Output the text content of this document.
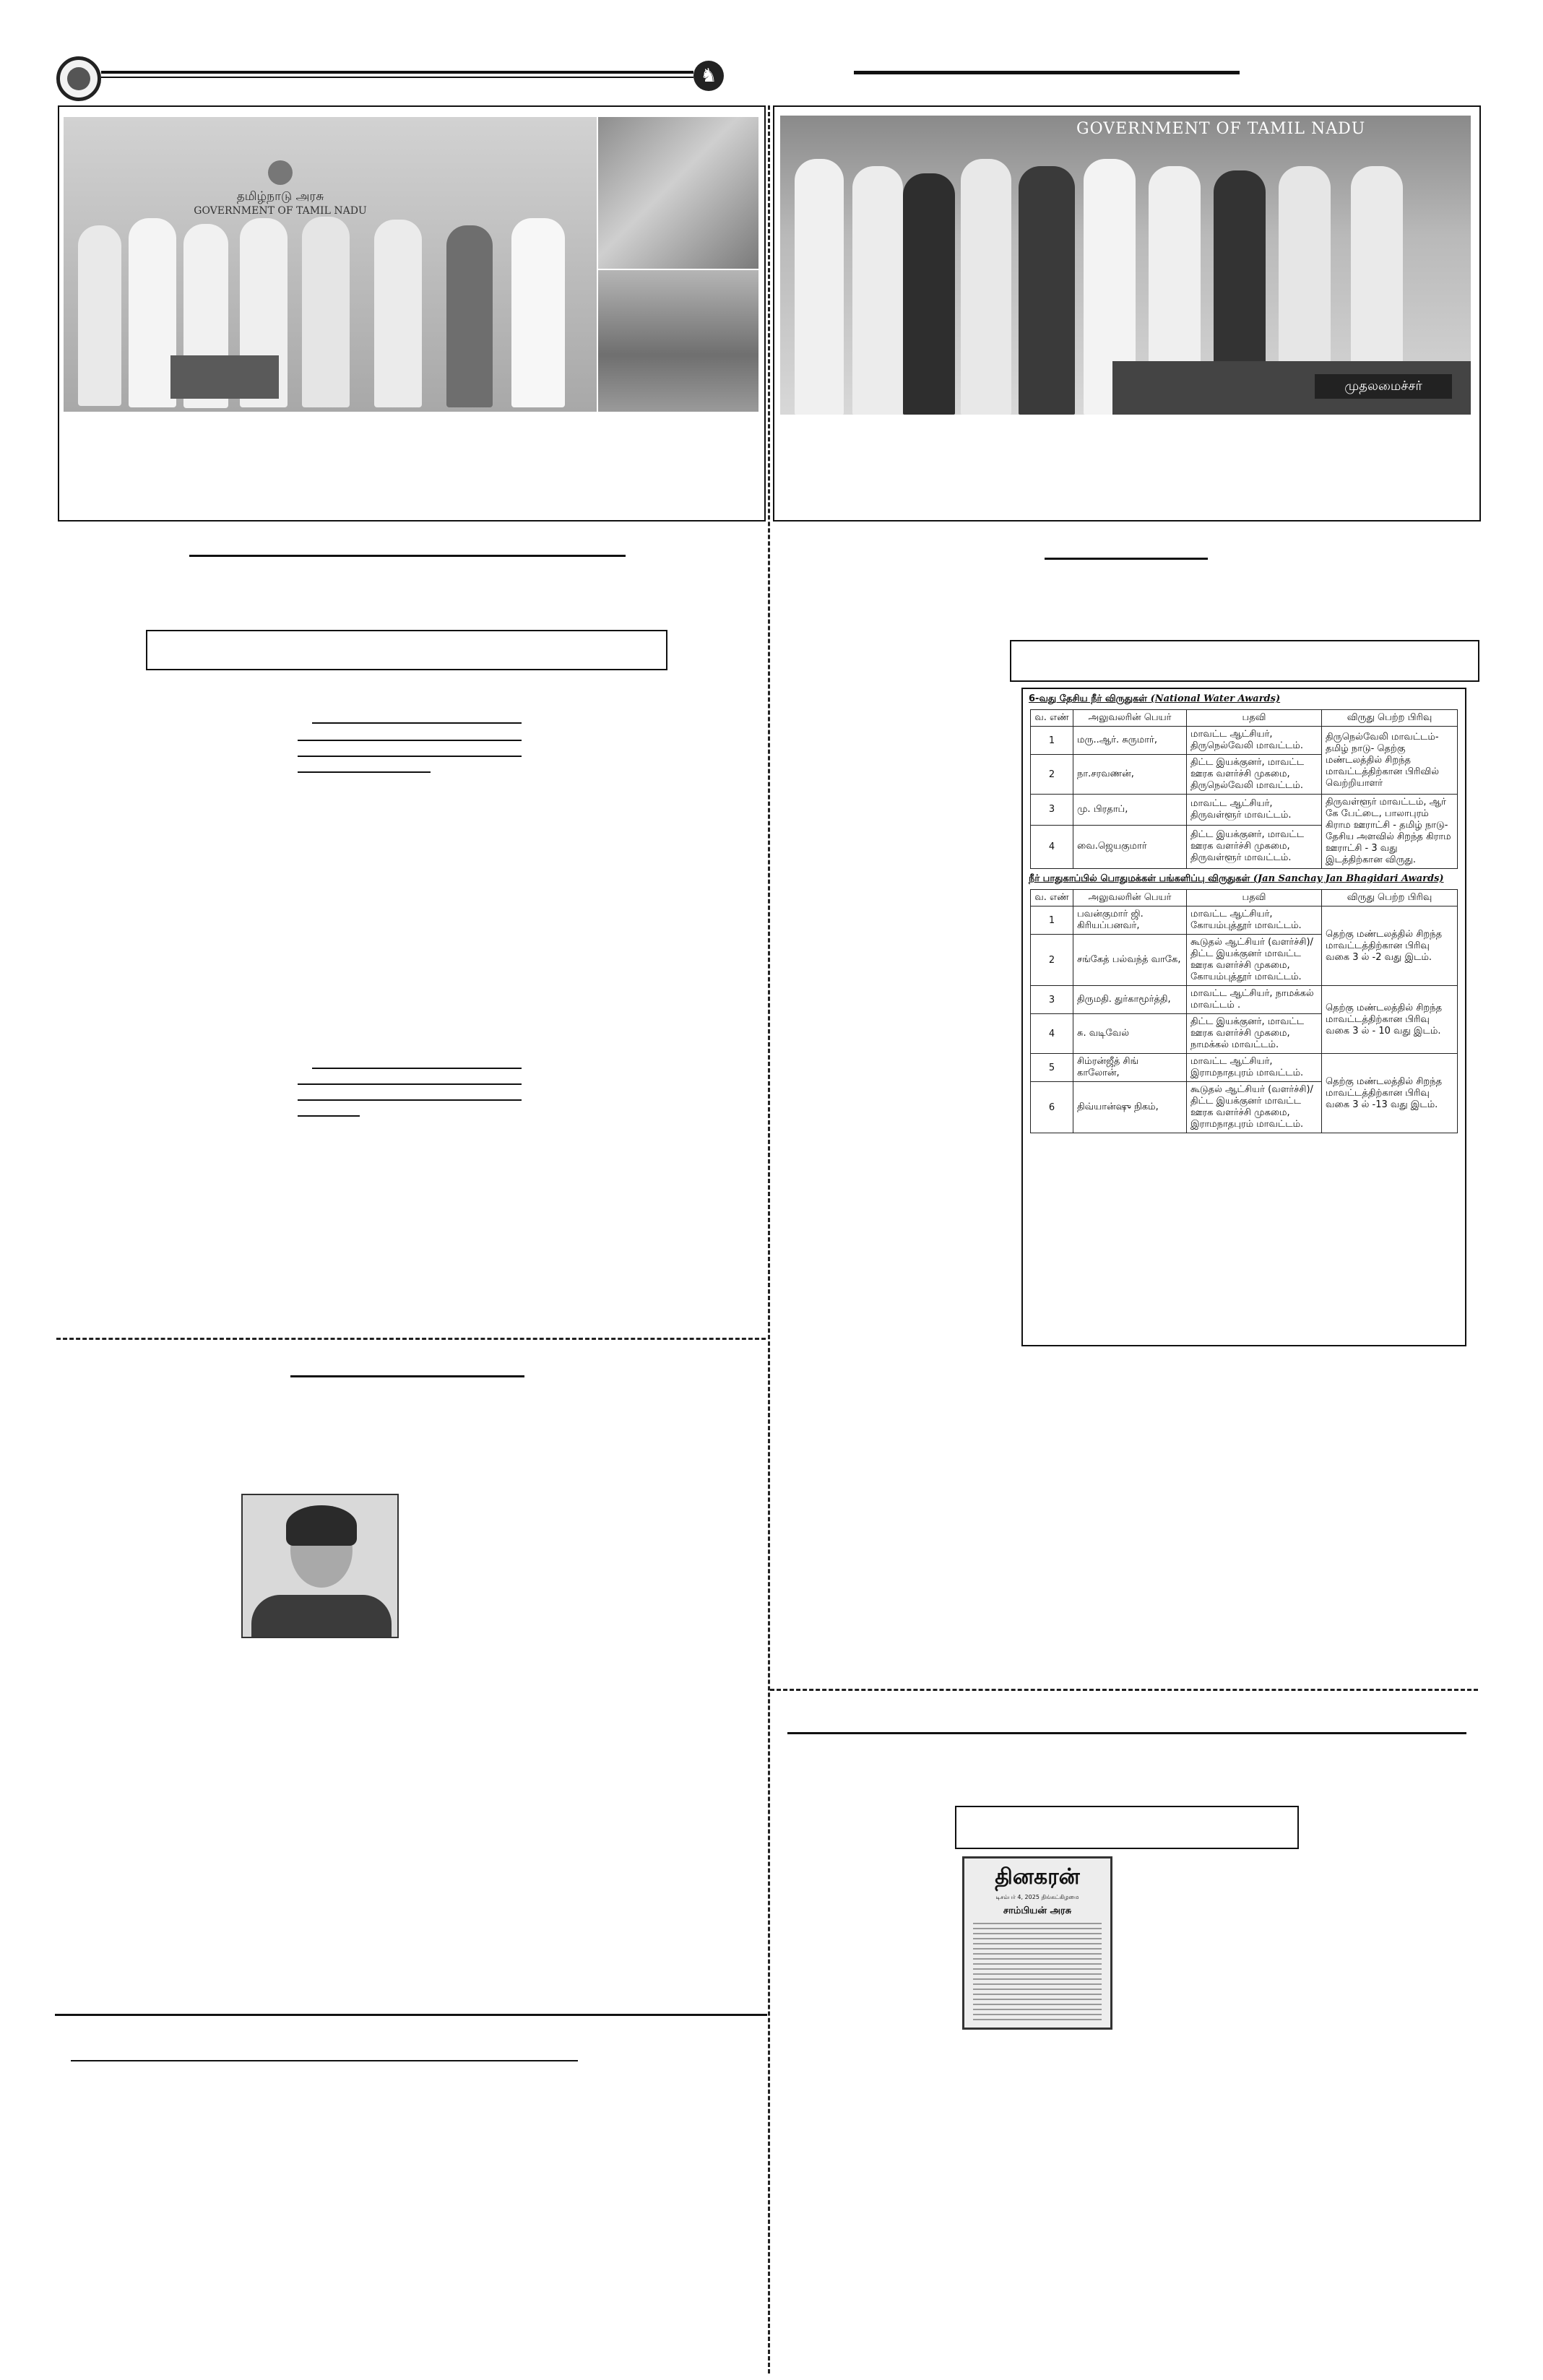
♞
தமிழ்நாடு அரசு
GOVERNMENT OF TAMIL NADU
GOVERNMENT OF TAMIL NADU
முதலமைச்சர்
6-வது தேசிய நீர் விருதுகள் (National Water Awards)
வ. எண்	அலுவலரின் பெயர்	பதவி	விருது பெற்ற பிரிவு
1	மரு..ஆர். சுருமார்,	மாவட்ட ஆட்சியர், திருநெல்வேலி மாவட்டம்.	திருநெல்வேலி மாவட்டம்- தமிழ் நாடு- தெற்கு மண்டலத்தில் சிறந்த மாவட்டத்திற்கான பிரிவில் வெற்றியாளர்
2	நா.சரவணன்,	திட்ட இயக்குனர், மாவட்ட ஊரக வளர்ச்சி முகமை, திருநெல்வேலி மாவட்டம்.	
3	மு. பிரதாப்,	மாவட்ட ஆட்சியர், திருவள்ளூர் மாவட்டம்.	திருவள்ளூர் மாவட்டம், ஆர் கே பேட்டை, பாலாபுரம் கிராம ஊராட்சி - தமிழ் நாடு- தேசிய அளவில் சிறந்த கிராம ஊராட்சி - 3 வது இடத்திற்கான விருது.
4	வை.ஜெயகுமார்	திட்ட இயக்குனர், மாவட்ட ஊரக வளர்ச்சி முகமை, திருவள்ளூர் மாவட்டம்.	
நீர் பாதுகாப்பில் பொதுமக்கள் பங்களிப்பு விருதுகள் (Jan Sanchay Jan Bhagidari Awards)
வ. எண்	அலுவலரின் பெயர்	பதவி	விருது பெற்ற பிரிவு
1	பவன்குமார் ஜி. கிரியப்பனவர்,	மாவட்ட ஆட்சியர், கோயம்புத்தூர் மாவட்டம்.	தெற்கு மண்டலத்தில் சிறந்த மாவட்டத்திற்கான பிரிவு வகை 3 ல் -2 வது இடம்.
2	சங்கேத் பல்வந்த் வாகே,	கூடுதல் ஆட்சியர் (வளர்ச்சி)/ திட்ட இயக்குனர் மாவட்ட ஊரக வளர்ச்சி முகமை, கோயம்புத்தூர் மாவட்டம்.	
3	திருமதி. துர்காமூர்த்தி,	மாவட்ட ஆட்சியர், நாமக்கல் மாவட்டம் .	தெற்கு மண்டலத்தில் சிறந்த மாவட்டத்திற்கான பிரிவு வகை 3 ல் - 10 வது இடம்.
4	சு. வடிவேல்	திட்ட இயக்குனர், மாவட்ட ஊரக வளர்ச்சி முகமை, நாமக்கல் மாவட்டம்.	
5	சிம்ரன்ஜீத் சிங் காலோன்,	மாவட்ட ஆட்சியர், இராமநாதபுரம் மாவட்டம்.	தெற்கு மண்டலத்தில் சிறந்த மாவட்டத்திற்கான பிரிவு வகை 3 ல் -13 வது இடம்.
6	திவ்யான்ஷு நிகம்,	கூடுதல் ஆட்சியர் (வளர்ச்சி)/ திட்ட இயக்குனர் மாவட்ட ஊரக வளர்ச்சி முகமை, இராமநாதபுரம் மாவட்டம்.	
தினகரன்
டிசம்பர் 4, 2025 திங்கட்கிழமை
சாம்பியன் அரசு
